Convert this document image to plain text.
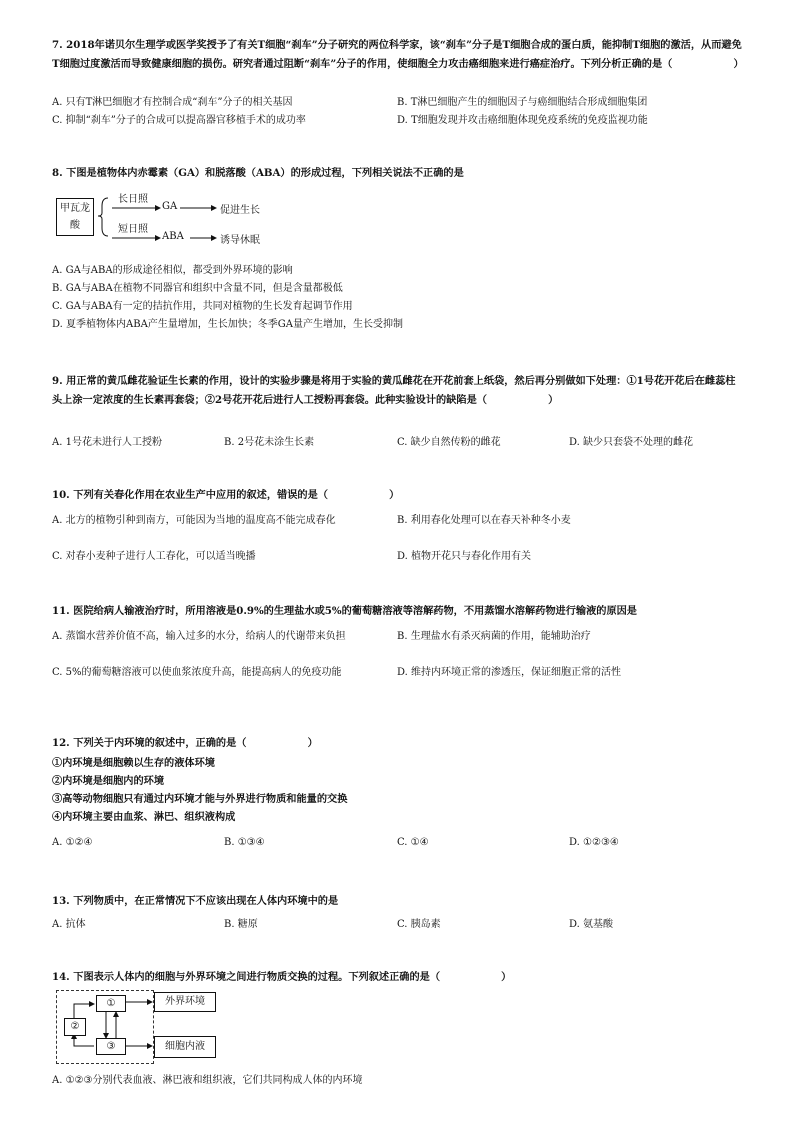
7. 2018年诺贝尔生理学或医学奖授予了有关T细胞“刹车”分子研究的两位科学家，该“刹车”分子是T细胞合成的蛋白质，能抑制T细胞的激活，从而避免T细胞过度激活而导致健康细胞的损伤。研究者通过阻断“刹车”分子的作用，使细胞全力攻击癌细胞来进行癌症治疗。下列分析正确的是（　　　　　　）
A. 只有T淋巴细胞才有控制合成“刹车”分子的相关基因	B. T淋巴细胞产生的细胞因子与癌细胞结合形成细胞集团
C. 抑制“刹车”分子的合成可以提高器官移植手术的成功率	D. T细胞发现并攻击癌细胞体现免疫系统的免疫监视功能
8. 下图是植物体内赤霉素（GA）和脱落酸（ABA）的形成过程，下列相关说法不正确的是
甲瓦龙酸
长日照
GA	促进生长
短日照
ABA	诱导休眠
A. GA与ABA的形成途径相似，都受到外界环境的影响
B. GA与ABA在植物不同器官和组织中含量不同，但是含量都极低
C. GA与ABA有一定的拮抗作用，共同对植物的生长发育起调节作用
D. 夏季植物体内ABA产生量增加，生长加快；冬季GA量产生增加，生长受抑制
9. 用正常的黄瓜雌花验证生长素的作用，设计的实验步骤是将用于实验的黄瓜雌花在开花前套上纸袋，然后再分别做如下处理：①1号花开花后在雌蕊柱头上涂一定浓度的生长素再套袋；②2号花开花后进行人工授粉再套袋。此种实验设计的缺陷是（　　　　　　）
A. 1号花未进行人工授粉	B. 2号花未涂生长素	C. 缺少自然传粉的雌花	D. 缺少只套袋不处理的雌花
10. 下列有关春化作用在农业生产中应用的叙述，错误的是（　　　　　　）
A. 北方的植物引种到南方，可能因为当地的温度高不能完成春化	B. 利用春化处理可以在春天补种冬小麦
C. 对春小麦种子进行人工春化，可以适当晚播	D. 植物开花只与春化作用有关
11. 医院给病人输液治疗时，所用溶液是0.9%的生理盐水或5%的葡萄糖溶液等溶解药物，不用蒸馏水溶解药物进行输液的原因是
A. 蒸馏水营养价值不高，输入过多的水分，给病人的代谢带来负担	B. 生理盐水有杀灭病菌的作用，能辅助治疗
C. 5%的葡萄糖溶液可以使血浆浓度升高，能提高病人的免疫功能	D. 维持内环境正常的渗透压，保证细胞正常的活性
12. 下列关于内环境的叙述中，正确的是（　　　　　　）
①内环境是细胞赖以生存的液体环境
②内环境是细胞内的环境
③高等动物细胞只有通过内环境才能与外界进行物质和能量的交换
④内环境主要由血浆、淋巴、组织液构成
A. ①②④	B. ①③④	C. ①④	D. ①②③④
13. 下列物质中，在正常情况下不应该出现在人体内环境中的是
A. 抗体	B. 糖原	C. 胰岛素	D. 氨基酸
14. 下图表示人体内的细胞与外界环境之间进行物质交换的过程。下列叙述正确的是（　　　　　　）
①
②
③
外界环境
细胞内液
A. ①②③分别代表血液、淋巴液和组织液，它们共同构成人体的内环境
